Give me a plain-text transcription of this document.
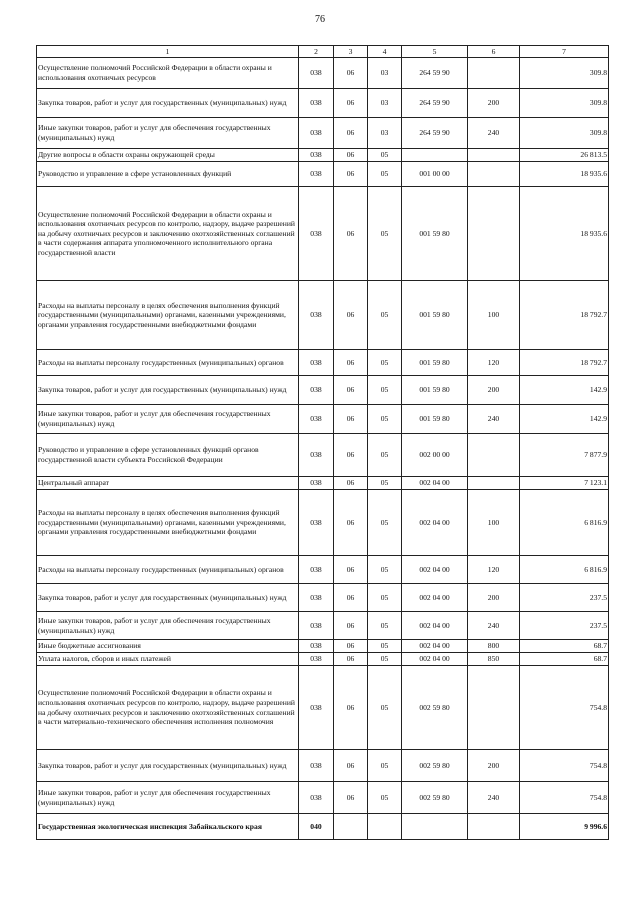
76
1	2	3	4	5	6	7
Осуществление полномочий Российской Федерации в области охраны и использования охотничьих ресурсов	038	06	03	264 59 90		309.8
Закупка товаров, работ и услуг для государственных (муниципальных) нужд	038	06	03	264 59 90	200	309.8
Иные закупки товаров, работ и услуг для обеспечения государственных (муниципальных) нужд	038	06	03	264 59 90	240	309.8
Другие вопросы в области охраны окружающей среды	038	06	05			26 813.5
Руководство и управление в сфере установленных функций	038	06	05	001 00 00		18 935.6
Осуществление полномочий Российской Федерации в области охраны и использования охотничьих ресурсов по контролю, надзору, выдаче разрешений на добычу охотничьих ресурсов и заключению охотхозяйственных соглашений в части содержания аппарата уполномоченного исполнительного органа государственной власти	038	06	05	001 59 80		18 935.6
Расходы на выплаты персоналу в целях обеспечения выполнения функций государственными (муниципальными) органами, казенными учреждениями, органами управления государственными внебюджетными фондами	038	06	05	001 59 80	100	18 792.7
Расходы на выплаты персоналу государственных (муниципальных) органов	038	06	05	001 59 80	120	18 792.7
Закупка товаров, работ и услуг для государственных (муниципальных) нужд	038	06	05	001 59 80	200	142.9
Иные закупки товаров, работ и услуг для обеспечения государственных (муниципальных) нужд	038	06	05	001 59 80	240	142.9
Руководство и управление в сфере установленных функций органов государственной власти субъекта Российской Федерации	038	06	05	002 00 00		7 877.9
Центральный аппарат	038	06	05	002 04 00		7 123.1
Расходы на выплаты персоналу в целях обеспечения выполнения функций государственными (муниципальными) органами, казенными учреждениями, органами управления государственными внебюджетными фондами	038	06	05	002 04 00	100	6 816.9
Расходы на выплаты персоналу государственных (муниципальных) органов	038	06	05	002 04 00	120	6 816.9
Закупка товаров, работ и услуг для государственных (муниципальных) нужд	038	06	05	002 04 00	200	237.5
Иные закупки товаров, работ и услуг для обеспечения государственных (муниципальных) нужд	038	06	05	002 04 00	240	237.5
Иные бюджетные ассигнования	038	06	05	002 04 00	800	68.7
Уплата налогов, сборов и иных платежей	038	06	05	002 04 00	850	68.7
Осуществление полномочий Российской Федерации в области охраны и использования охотничьих ресурсов по контролю, надзору, выдаче разрешений на добычу охотничьих ресурсов и заключению охотхозяйственных соглашений в части материально-технического обеспечения исполнения полномочия	038	06	05	002 59 80		754.8
Закупка товаров, работ и услуг для государственных (муниципальных) нужд	038	06	05	002 59 80	200	754.8
Иные закупки товаров, работ и услуг для обеспечения государственных (муниципальных) нужд	038	06	05	002 59 80	240	754.8
Государственная экологическая инспекция Забайкальского края	040					9 996.6
